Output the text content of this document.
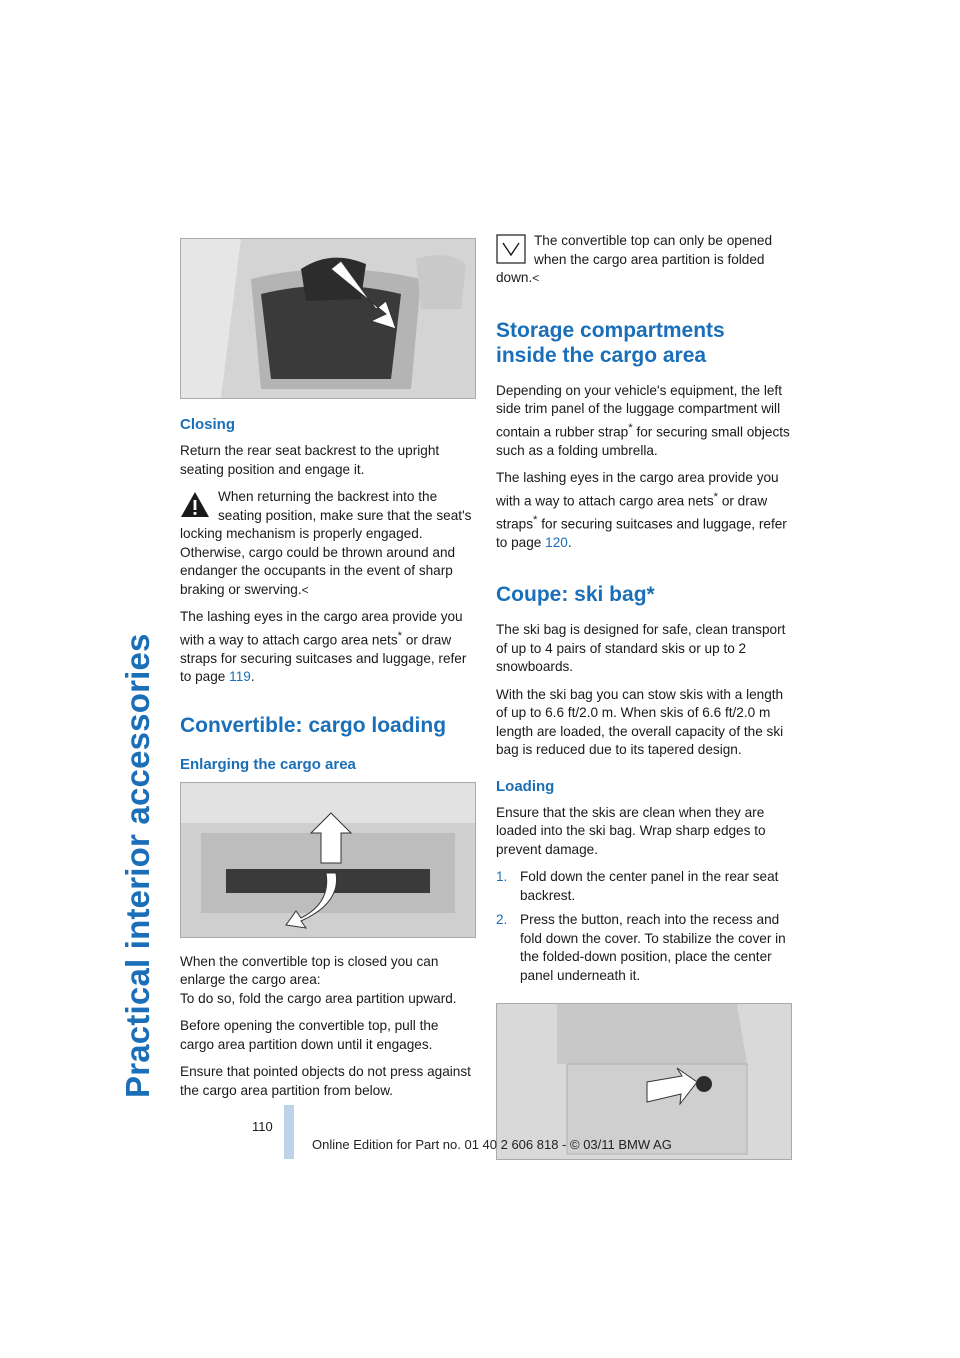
Practical interior accessories
Closing

Return the rear seat backrest to the upright seating position and engage it.

When returning the backrest into the seating position, make sure that the seat's locking mechanism is properly engaged. Otherwise, cargo could be thrown around and endanger the occupants in the event of sharp braking or swerving.<

The lashing eyes in the cargo area provide you with a way to attach cargo area nets* or draw straps for securing suitcases and luggage, refer to page 119.

Convertible: cargo loading
Enlarging the cargo area

When the convertible top is closed you can enlarge the cargo area:
To do so, fold the cargo area partition upward.

Before opening the convertible top, pull the cargo area partition down until it engages.

Ensure that pointed objects do not press against the cargo area partition from below.

The convertible top can only be opened when the cargo area partition is folded down.<
Storage compartments inside the cargo area

Depending on your vehicle's equipment, the left side trim panel of the luggage compartment will contain a rubber strap* for securing small objects such as a folding umbrella.

The lashing eyes in the cargo area provide you with a way to attach cargo area nets* or draw straps* for securing suitcases and luggage, refer to page 120.

Coupe: ski bag*

The ski bag is designed for safe, clean transport of up to 4 pairs of standard skis or up to 2 snowboards.

With the ski bag you can stow skis with a length of up to 6.6 ft/2.0 m. When skis of 6.6 ft/2.0 m length are loaded, the overall capacity of the ski bag is reduced due to its tapered design.

Loading

Ensure that the skis are clean when they are loaded into the ski bag. Wrap sharp edges to prevent damage.

1. Fold down the center panel in the rear seat backrest.
2. Press the button, reach into the recess and fold down the cover. To stabilize the cover in the folded-down position, place the center panel underneath it.
110
Online Edition for Part no. 01 40 2 606 818 - © 03/11 BMW AG
